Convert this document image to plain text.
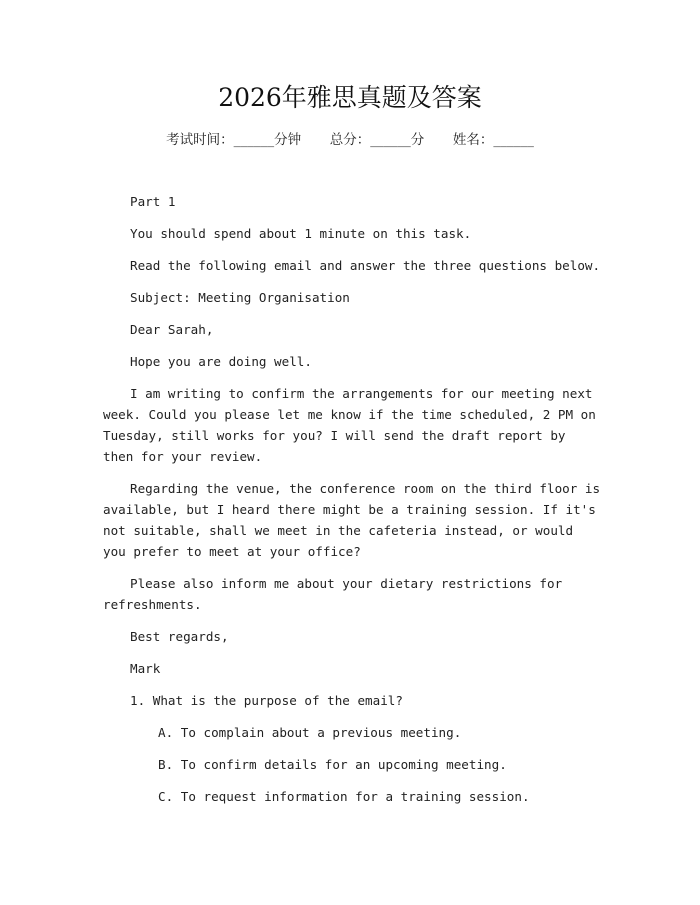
2026年雅思真题及答案
考试时间：______分钟 总分：______分 姓名：______

Part 1

You should spend about 1 minute on this task.

Read the following email and answer the three questions below.

Subject: Meeting Organisation

Dear Sarah,

Hope you are doing well.

I am writing to confirm the arrangements for our meeting next week. Could you please let me know if the time scheduled, 2 PM on Tuesday, still works for you? I will send the draft report by then for your review.

Regarding the venue, the conference room on the third floor is available, but I heard there might be a training session. If it's not suitable, shall we meet in the cafeteria instead, or would you prefer to meet at your office?

Please also inform me about your dietary restrictions for refreshments.

Best regards,

Mark

1. What is the purpose of the email?

A. To complain about a previous meeting.

B. To confirm details for an upcoming meeting.

C. To request information for a training session.
